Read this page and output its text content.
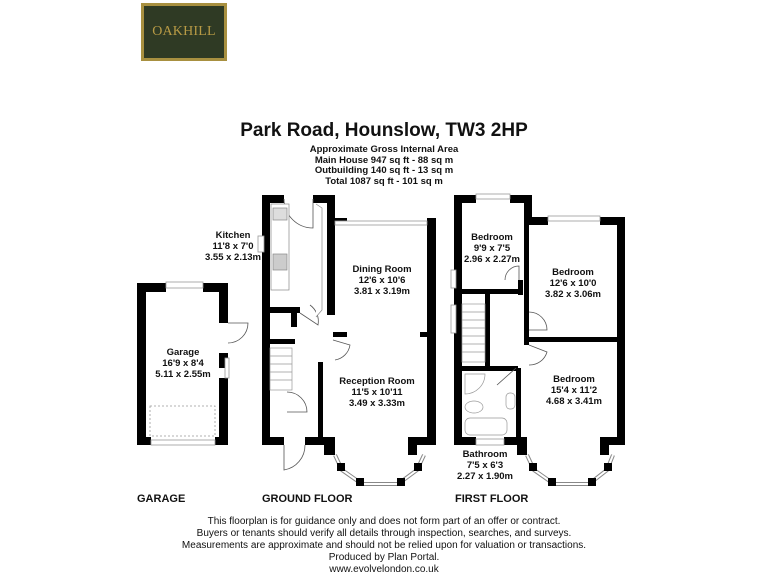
OAKHILL
Park Road, Hounslow, TW3 2HP
Approximate Gross Internal Area
Main House 947 sq ft - 88 sq m
Outbuilding 140 sq ft - 13 sq m
Total 1087 sq ft - 101 sq m
Kitchen
11'8 x 7'0
3.55 x 2.13m
Dining Room
12'6 x 10'6
3.81 x 3.19m
Reception Room
11'5 x 10'11
3.49 x 3.33m
Garage
16'9 x 8'4
5.11 x 2.55m
Bedroom
9'9 x 7'5
2.96 x 2.27m
Bedroom
12'6 x 10'0
3.82 x 3.06m
Bedroom
15'4 x 11'2
4.68 x 3.41m
Bathroom
7'5 x 6'3
2.27 x 1.90m
GARAGE	GROUND FLOOR	FIRST FLOOR
This floorplan is for guidance only and does not form part of an offer or contract.
Buyers or tenants should verify all details through inspection, searches, and surveys.
Measurements are approximate and should not be relied upon for valuation or transactions.
Produced by Plan Portal.
www.evolvelondon.co.uk
